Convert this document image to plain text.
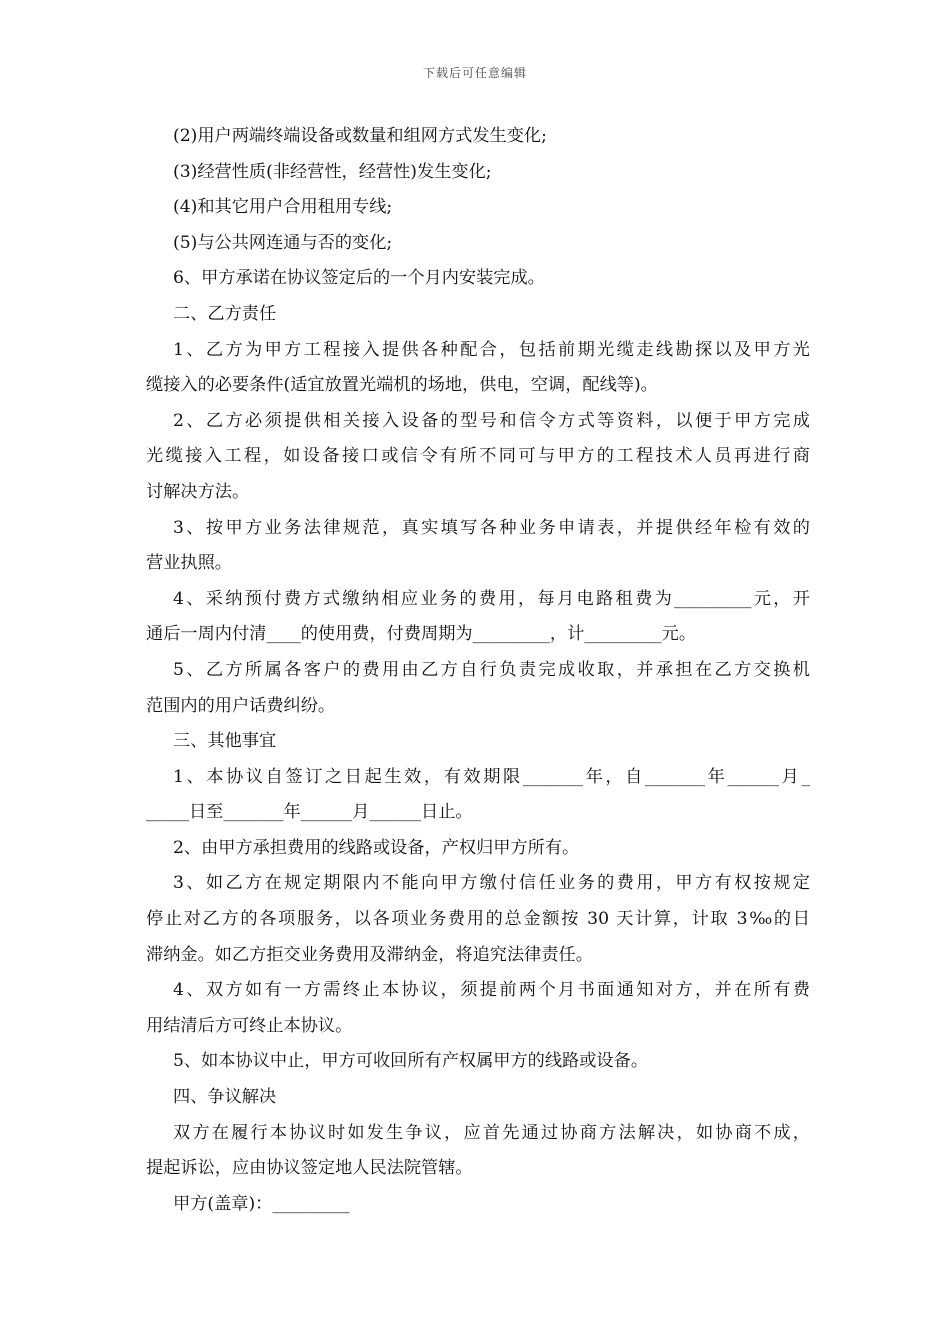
下载后可任意编辑
(2)用户两端终端设备或数量和组网方式发生变化;
(3)经营性质(非经营性，经营性)发生变化;
(4)和其它用户合用租用专线;
(5)与公共网连通与否的变化;
6、甲方承诺在协议签定后的一个月内安装完成。
二、乙方责任
1、乙方为甲方工程接入提供各种配合，包括前期光缆走线勘探以及甲方光
缆接入的必要条件(适宜放置光端机的场地，供电，空调，配线等)。
2、乙方必须提供相关接入设备的型号和信令方式等资料，以便于甲方完成
光缆接入工程，如设备接口或信令有所不同可与甲方的工程技术人员再进行商
讨解决方法。
3、按甲方业务法律规范，真实填写各种业务申请表，并提供经年检有效的
营业执照。
4、采纳预付费方式缴纳相应业务的费用，每月电路租费为_________元，开
通后一周内付清____的使用费，付费周期为_________，计_________元。
5、乙方所属各客户的费用由乙方自行负责完成收取，并承担在乙方交换机
范围内的用户话费纠纷。
三、其他事宜
1、本协议自签订之日起生效，有效期限_______年，自_______年______月_
_____日至_______年______月______日止。
2、由甲方承担费用的线路或设备，产权归甲方所有。
3、如乙方在规定期限内不能向甲方缴付信任业务的费用，甲方有权按规定
停止对乙方的各项服务，以各项业务费用的总金额按 30 天计算，计取 3‰的日
滞纳金。如乙方拒交业务费用及滞纳金，将追究法律责任。
4、双方如有一方需终止本协议，须提前两个月书面通知对方，并在所有费
用结清后方可终止本协议。
5、如本协议中止，甲方可收回所有产权属甲方的线路或设备。
四、争议解决
双方在履行本协议时如发生争议，应首先通过协商方法解决，如协商不成，
提起诉讼，应由协议签定地人民法院管辖。
甲方(盖章)：_________
